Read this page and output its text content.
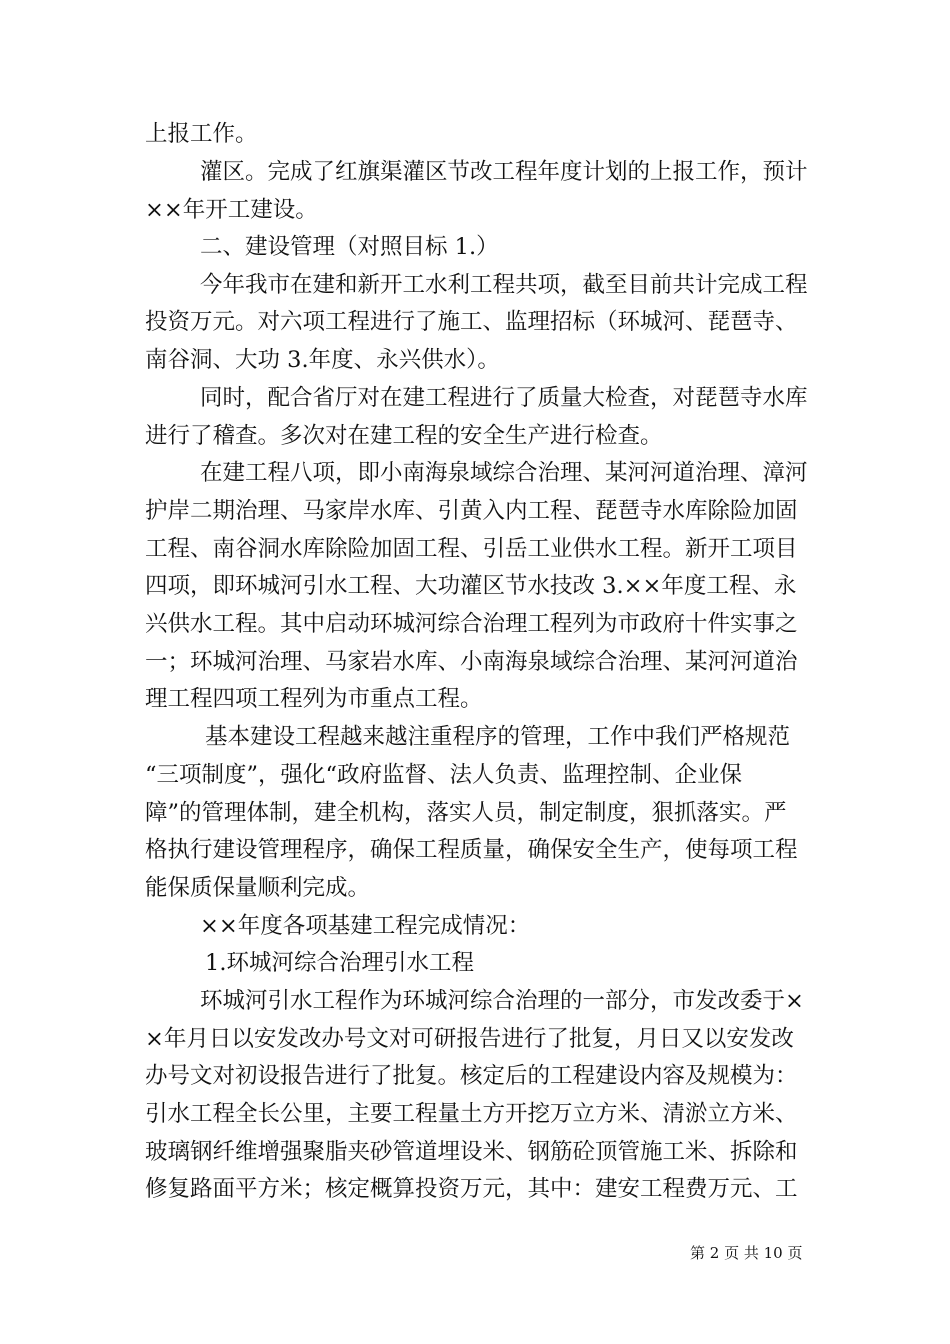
上报工作。
灌区。完成了红旗渠灌区节改工程年度计划的上报工作，预计
××年开工建设。
二、建设管理（对照目标 1.）
今年我市在建和新开工水利工程共项，截至目前共计完成工程
投资万元。对六项工程进行了施工、监理招标（环城河、琵琶寺、
南谷洞、大功 3.年度、永兴供水）。
同时，配合省厅对在建工程进行了质量大检查，对琵琶寺水库
进行了稽查。多次对在建工程的安全生产进行检查。
在建工程八项，即小南海泉域综合治理、某河河道治理、漳河
护岸二期治理、马家岸水库、引黄入内工程、琵琶寺水库除险加固
工程、南谷洞水库除险加固工程、引岳工业供水工程。新开工项目
四项，即环城河引水工程、大功灌区节水技改 3.××年度工程、永
兴供水工程。其中启动环城河综合治理工程列为市政府十件实事之
一；环城河治理、马家岩水库、小南海泉域综合治理、某河河道治
理工程四项工程列为市重点工程。
基本建设工程越来越注重程序的管理，工作中我们严格规范
“三项制度”，强化“政府监督、法人负责、监理控制、企业保
障”的管理体制，建全机构，落实人员，制定制度，狠抓落实。严
格执行建设管理程序，确保工程质量，确保安全生产，使每项工程
能保质保量顺利完成。
××年度各项基建工程完成情况：
1.环城河综合治理引水工程
环城河引水工程作为环城河综合治理的一部分，市发改委于×
×年月日以安发改办号文对可研报告进行了批复，月日又以安发改
办号文对初设报告进行了批复。核定后的工程建设内容及规模为：
引水工程全长公里，主要工程量土方开挖万立方米、清淤立方米、
玻璃钢纤维增强聚脂夹砂管道埋设米、钢筋砼顶管施工米、拆除和
修复路面平方米；核定概算投资万元，其中：建安工程费万元、工
第 2 页 共 10 页
